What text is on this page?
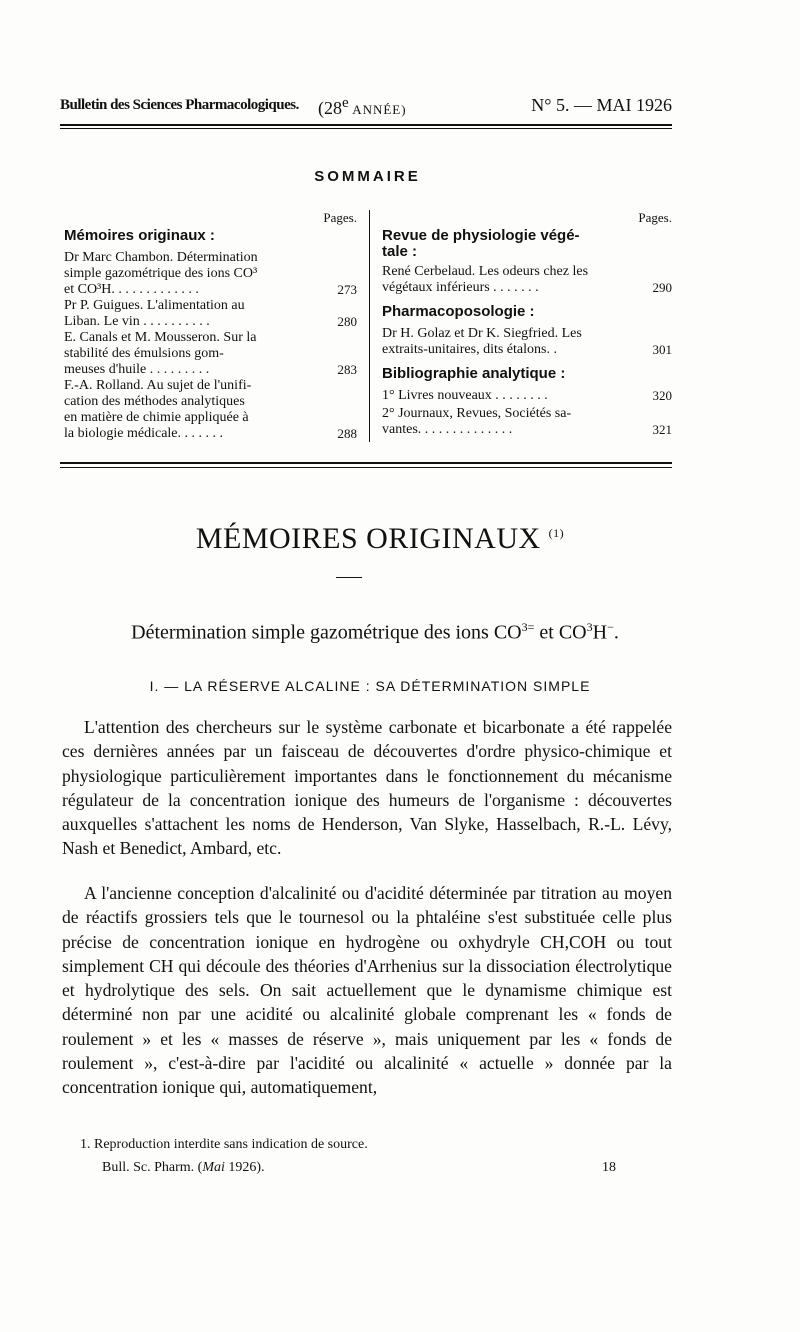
Bulletin des Sciences Pharmacologiques. (28e ANNÉE)	N° 5. — MAI 1926
SOMMAIRE
Pages.
Mémoires originaux :
Dr Marc Chambon. Détermination
simple gazométrique des ions CO³
et CO³H. . . . . . . . . . . . .	273
Pr P. Guigues. L'alimentation au
Liban. Le vin . . . . . . . . . .	280
E. Canals et M. Mousseron. Sur la
stabilité des émulsions gom-
meuses d'huile . . . . . . . . .	283
F.-A. Rolland. Au sujet de l'unifi-
cation des méthodes analytiques
en matière de chimie appliquée à
la biologie médicale. . . . . . .	288
Pages.
Revue de physiologie végé-
tale :
René Cerbelaud. Les odeurs chez les
végétaux inférieurs . . . . . . .	290
Pharmacoposologie :
Dr H. Golaz et Dr K. Siegfried. Les
extraits-unitaires, dits étalons. .	301
Bibliographie analytique :
1° Livres nouveaux . . . . . . . .	320
2° Journaux, Revues, Sociétés sa-
vantes. . . . . . . . . . . . . .	321
MÉMOIRES ORIGINAUX $^{(1)}$
Détermination simple gazométrique des ions $CO^{3=}$ et $CO^3H^-$.
I. — LA RÉSERVE ALCALINE : SA DÉTERMINATION SIMPLE
L'attention des chercheurs sur le système carbonate et bicarbonate a été rappelée ces dernières années par un faisceau de découvertes d'ordre physico-chimique et physiologique particulièrement importantes dans le fonctionnement du mécanisme régulateur de la concentration ionique des humeurs de l'organisme : découvertes auxquelles s'attachent les noms de Henderson, Van Slyke, Hasselbach, R.-L. Lévy, Nash et Benedict, Ambard, etc.
A l'ancienne conception d'alcalinité ou d'acidité déterminée par titration au moyen de réactifs grossiers tels que le tournesol ou la phtaléine s'est substituée celle plus précise de concentration ionique en hydrogène ou oxhydryle CH,COH ou tout simplement CH qui découle des théories d'Arrhenius sur la dissociation électrolytique et hydrolytique des sels. On sait actuellement que le dynamisme chimique est déterminé non par une acidité ou alcalinité globale comprenant les « fonds de roulement » et les « masses de réserve », mais uniquement par les « fonds de roulement », c'est-à-dire par l'acidité ou alcalinité « actuelle » donnée par la concentration ionique qui, automatiquement,
1. Reproduction interdite sans indication de source.
Bull. Sc. Pharm. (Mai 1926).	18
